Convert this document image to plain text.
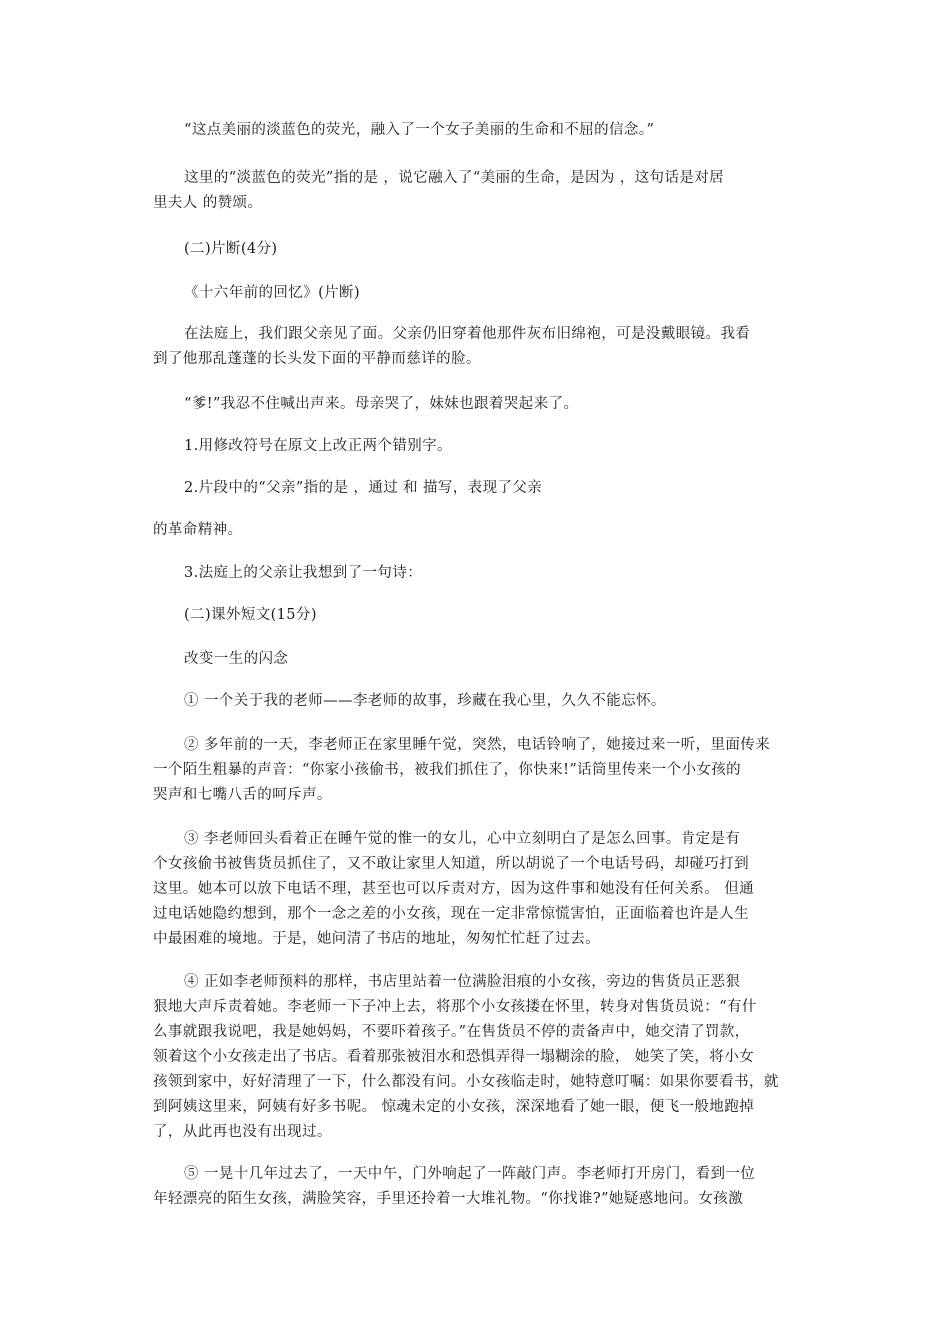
“这点美丽的淡蓝色的荧光，融入了一个女子美丽的生命和不屈的信念。”
这里的“淡蓝色的荧光”指的是 ，说它融入了“美丽的生命，是因为 ，这句话是对居
里夫人 的赞颂。
(二)片断(4分)
《十六年前的回忆》(片断)
在法庭上，我们跟父亲见了面。父亲仍旧穿着他那件灰布旧绵袍，可是没戴眼镜。我看
到了他那乱蓬蓬的长头发下面的平静而慈详的脸。
“爹!”我忍不住喊出声来。母亲哭了，妹妹也跟着哭起来了。
1.用修改符号在原文上改正两个错别字。
2.片段中的“父亲”指的是 ，通过 和 描写，表现了父亲
的革命精神。
3.法庭上的父亲让我想到了一句诗：
(二)课外短文(15分)
改变一生的闪念
① 一个关于我的老师——李老师的故事，珍藏在我心里，久久不能忘怀。
② 多年前的一天，李老师正在家里睡午觉，突然，电话铃响了，她接过来一听，里面传来
一个陌生粗暴的声音：“你家小孩偷书，被我们抓住了，你快来!”话筒里传来一个小女孩的
哭声和七嘴八舌的呵斥声。
③ 李老师回头看着正在睡午觉的惟一的女儿，心中立刻明白了是怎么回事。肯定是有
个女孩偷书被售货员抓住了，又不敢让家里人知道，所以胡说了一个电话号码，却碰巧打到
这里。她本可以放下电话不理，甚至也可以斥责对方，因为这件事和她没有任何关系。 但通
过电话她隐约想到，那个一念之差的小女孩，现在一定非常惊慌害怕，正面临着也许是人生
中最困难的境地。于是，她问清了书店的地址，匆匆忙忙赶了过去。
④ 正如李老师预料的那样，书店里站着一位满脸泪痕的小女孩，旁边的售货员正恶狠
狠地大声斥责着她。李老师一下子冲上去，将那个小女孩搂在怀里，转身对售货员说：“有什
么事就跟我说吧，我是她妈妈，不要吓着孩子。”在售货员不停的责备声中，她交清了罚款，
领着这个小女孩走出了书店。看着那张被泪水和恐惧弄得一塌糊涂的脸， 她笑了笑，将小女
孩领到家中，好好清理了一下，什么都没有问。小女孩临走时，她特意叮嘱：如果你要看书，就
到阿姨这里来，阿姨有好多书呢。 惊魂未定的小女孩，深深地看了她一眼，便飞一般地跑掉
了，从此再也没有出现过。
⑤ 一晃十几年过去了，一天中午，门外响起了一阵敲门声。李老师打开房门，看到一位
年轻漂亮的陌生女孩，满脸笑容，手里还拎着一大堆礼物。“你找谁?”她疑惑地问。女孩激
